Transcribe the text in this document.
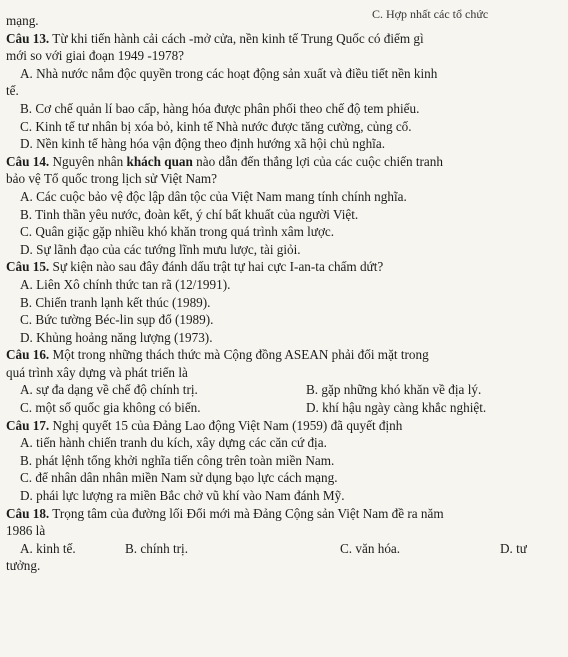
C. Hợp nhất các tổ chức
mạng.
Câu 13. Từ khi tiến hành cải cách -mở cửa, nền kinh tế Trung Quốc có điểm gì
mới so với giai đoạn 1949 -1978?
A. Nhà nước nắm độc quyền trong các hoạt động sản xuất và điều tiết nền kinh
tế.
B. Cơ chế quản lí bao cấp, hàng hóa được phân phối theo chế độ tem phiếu.
C. Kinh tế tư nhân bị xóa bỏ, kinh tế Nhà nước được tăng cường, củng cố.
D. Nền kinh tế hàng hóa vận động theo định hướng xã hội chủ nghĩa.
Câu 14. Nguyên nhân khách quan nào dẫn đến thắng lợi của các cuộc chiến tranh
bảo vệ Tổ quốc trong lịch sử Việt Nam?
A. Các cuộc bảo vệ độc lập dân tộc của Việt Nam mang tính chính nghĩa.
B. Tinh thần yêu nước, đoàn kết, ý chí bất khuất của người Việt.
C. Quân giặc gặp nhiều khó khăn trong quá trình xâm lược.
D. Sự lãnh đạo của các tướng lĩnh mưu lược, tài giỏi.
Câu 15. Sự kiện nào sau đây đánh dấu trật tự hai cực I-an-ta chấm dứt?
A. Liên Xô chính thức tan rã (12/1991).
B. Chiến tranh lạnh kết thúc (1989).
C. Bức tường Béc-lin sụp đổ (1989).
D. Khủng hoảng năng lượng (1973).
Câu 16. Một trong những thách thức mà Cộng đồng ASEAN phải đối mặt trong
quá trình xây dựng và phát triển là
A. sự đa dạng về chế độ chính trị.	B. gặp những khó khăn về địa lý.
C. một số quốc gia không có biển.	D. khí hậu ngày càng khắc nghiệt.
Câu 17. Nghị quyết 15 của Đảng Lao động Việt Nam (1959) đã quyết định
A. tiến hành chiến tranh du kích, xây dựng các căn cứ địa.
B. phát lệnh tổng khởi nghĩa tiến công trên toàn miền Nam.
C. để nhân dân nhân miền Nam sử dụng bạo lực cách mạng.
D. phái lực lượng ra miền Bắc chở vũ khí vào Nam đánh Mỹ.
Câu 18. Trọng tâm của đường lối Đổi mới mà Đảng Cộng sản Việt Nam đề ra năm
1986 là
A. kinh tế.	B. chính trị.	C. văn hóa.	D. tư
tưởng.
